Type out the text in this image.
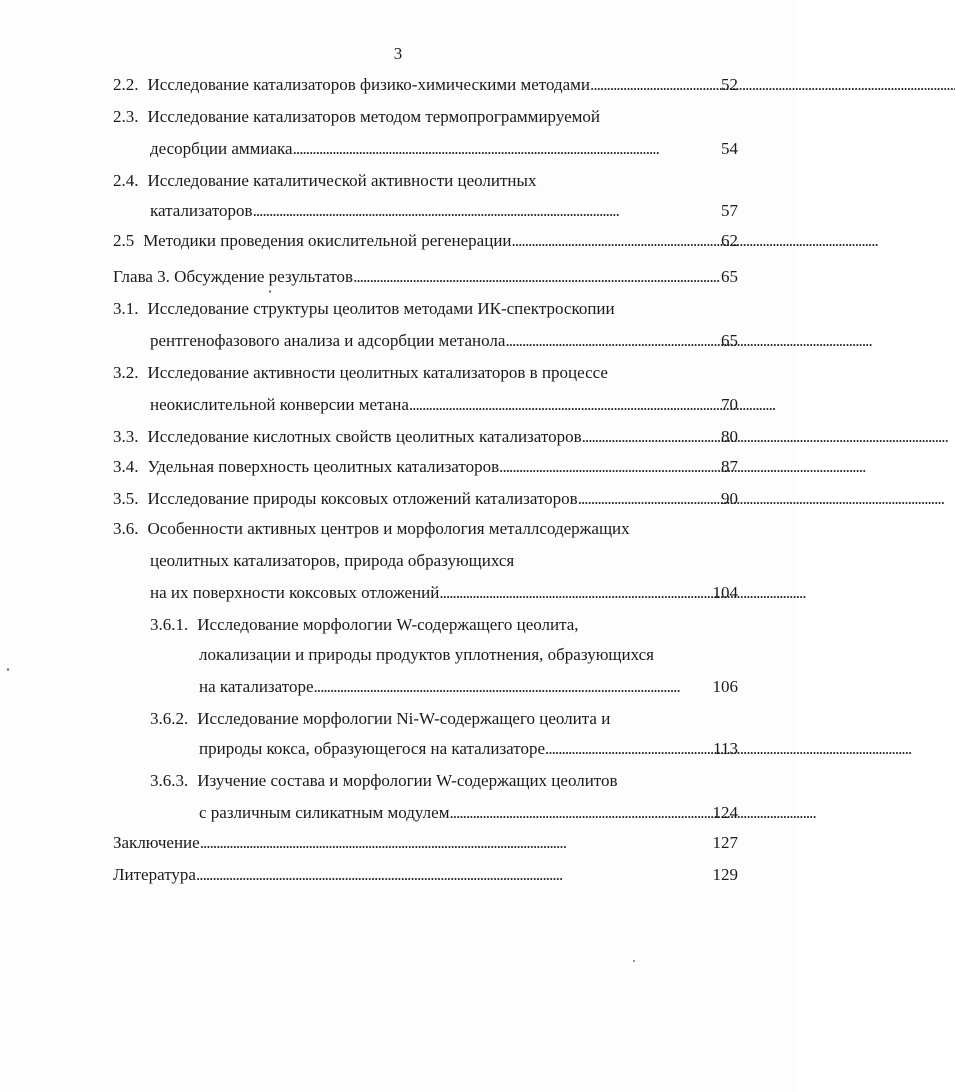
3
2.2. Исследование катализаторов физико-химическими методами . . .	52
2.3. Исследование катализаторов методом термопрограммируемой
десорбции аммиака . . .	54
2.4. Исследование каталитической активности цеолитных
катализаторов . . .	57
2.5 Методики проведения окислительной регенерации . . .	62
Глава 3. Обсуждение результатов . . .	65
3.1. Исследование структуры цеолитов методами ИК-спектроскопии
рентгенофазового анализа и адсорбции метанола . . .	65
3.2. Исследование активности цеолитных катализаторов в процессе
неокислительной конверсии метана . . .	70
3.3. Исследование кислотных свойств цеолитных катализаторов . . .	80
3.4. Удельная поверхность цеолитных катализаторов . . .	87
3.5. Исследование природы коксовых отложений катализаторов . . .	90
3.6. Особенности активных центров и морфология металлсодержащих
цеолитных катализаторов, природа образующихся
на их поверхности коксовых отложений . . .	104
3.6.1. Исследование морфологии W-содержащего цеолита,
локализации и природы продуктов уплотнения, образующихся
на катализаторе . . .	106
3.6.2. Исследование морфологии Ni-W-содержащего цеолита и
природы кокса, образующегося на катализаторе . . .	113
3.6.3. Изучение состава и морфологии W-содержащих цеолитов
с различным силикатным модулем . . .	124
Заключение . . .	127
Литература . . .	129
